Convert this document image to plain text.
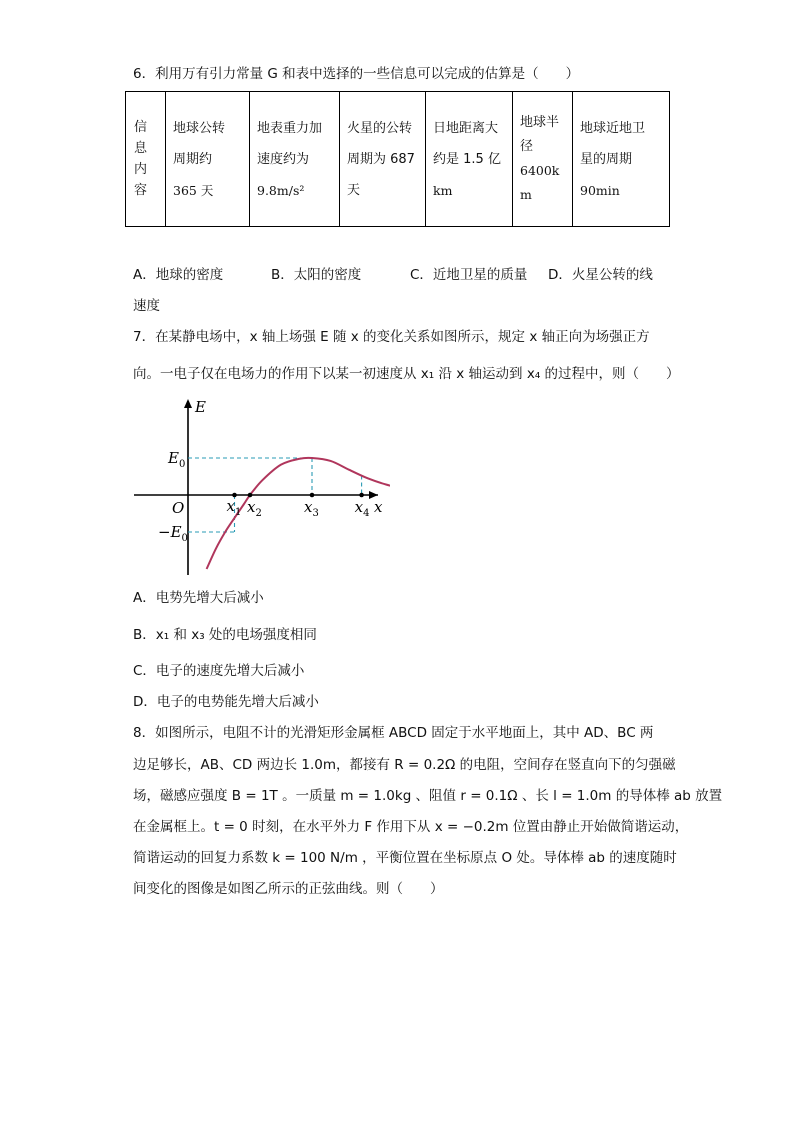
6．利用万有引力常量 G 和表中选择的一些信息可以完成的估算是（　　）
信
息
内
容

地球公转
周期约
365 天

地表重力加
速度约为
9.8m/s²

火星的公转
周期为 687
天

日地距离大
约是 1.5 亿
km

地球半
径
6400k
m

地球近地卫
星的周期
90min
A．地球的密度	B．太阳的密度	C．近地卫星的质量 D．火星公转的线
速度
7．在某静电场中，x 轴上场强 E 随 x 的变化关系如图所示，规定 x 轴正向为场强正方
向。一电子仅在电场力的作用下以某一初速度从 x₁ 沿 x 轴运动到 x₄ 的过程中，则（　　）
E
x
O
$E_0$
$-E_0$
$x_1$ $x_2$	$x_3$ $x_4$
A．电势先增大后减小
B．x₁ 和 x₃ 处的电场强度相同
C．电子的速度先增大后减小
D．电子的电势能先增大后减小
8．如图所示，电阻不计的光滑矩形金属框 ABCD 固定于水平地面上，其中 AD、BC 两
边足够长，AB、CD 两边长 1.0m，都接有 R = 0.2Ω 的电阻，空间存在竖直向下的匀强磁
场，磁感应强度 B = 1T 。一质量 m = 1.0kg 、阻值 r = 0.1Ω 、长 l = 1.0m 的导体棒 ab 放置
在金属框上。t = 0 时刻，在水平外力 F 作用下从 x = −0.2m 位置由静止开始做简谐运动，
简谐运动的回复力系数 k = 100 N/m ，平衡位置在坐标原点 O 处。导体棒 ab 的速度随时
间变化的图像是如图乙所示的正弦曲线。则（　　）
